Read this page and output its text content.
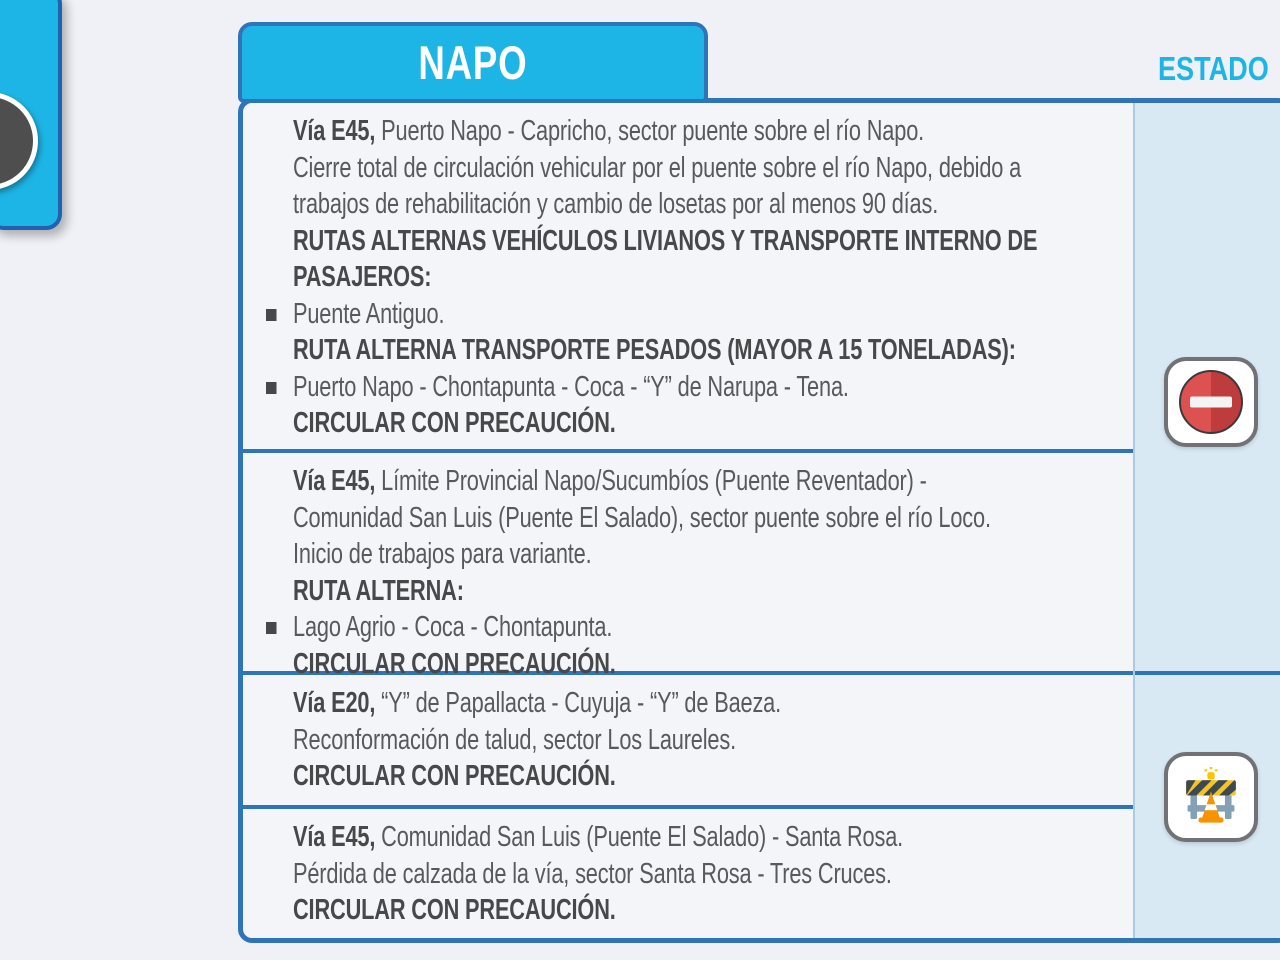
NAPO	ESTADO
Vía E45, Puerto Napo - Capricho, sector puente sobre el río Napo.
Cierre total de circulación vehicular por el puente sobre el río Napo, debido a
trabajos de rehabilitación y cambio de losetas por al menos 90 días.
RUTAS ALTERNAS VEHÍCULOS LIVIANOS Y TRANSPORTE INTERNO DE
PASAJEROS:
Puente Antiguo.
RUTA ALTERNA TRANSPORTE PESADOS (MAYOR A 15 TONELADAS):
Puerto Napo - Chontapunta - Coca - “Y” de Narupa - Tena.
CIRCULAR CON PRECAUCIÓN.
Vía E45, Límite Provincial Napo/Sucumbíos (Puente Reventador) -
Comunidad San Luis (Puente El Salado), sector puente sobre el río Loco.
Inicio de trabajos para variante.
RUTA ALTERNA:
Lago Agrio - Coca - Chontapunta.
CIRCULAR CON PRECAUCIÓN.
Vía E20, “Y” de Papallacta - Cuyuja - “Y” de Baeza.
Reconformación de talud, sector Los Laureles.
CIRCULAR CON PRECAUCIÓN.
Vía E45, Comunidad San Luis (Puente El Salado) - Santa Rosa.
Pérdida de calzada de la vía, sector Santa Rosa - Tres Cruces.
CIRCULAR CON PRECAUCIÓN.
